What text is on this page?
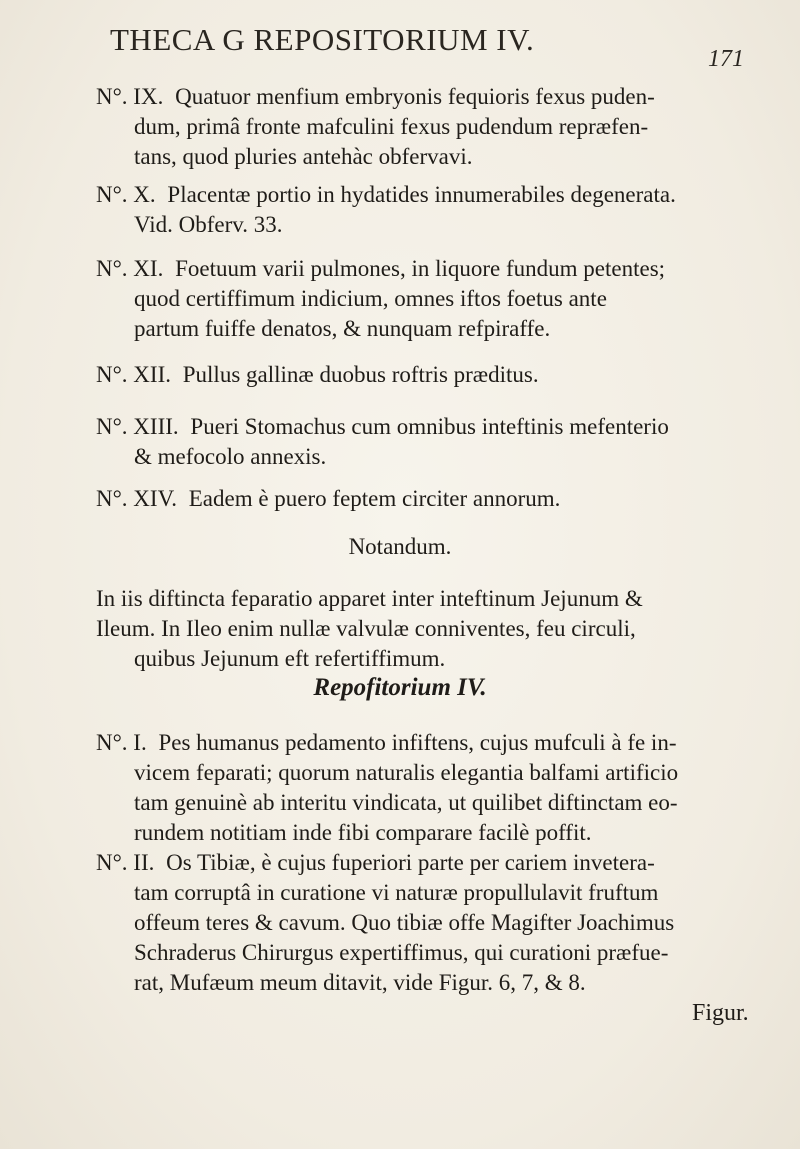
THECA G REPOSITORIUM IV.
171
N°. IX. Quatuor menfium embryonis fequioris fexus puden-
dum, primâ fronte mafculini fexus pudendum repræfen-
tans, quod pluries antehàc obfervavi.
N°. X. Placentæ portio in hydatides innumerabiles degenerata.
Vid. Obferv. 33.
N°. XI. Foetuum varii pulmones, in liquore fundum petentes;
quod certiffimum indicium, omnes iftos foetus ante
partum fuiffe denatos, & nunquam refpiraffe.
N°. XII. Pullus gallinæ duobus roftris præditus.
N°. XIII. Pueri Stomachus cum omnibus inteftinis mefenterio
& mefocolo annexis.
N°. XIV. Eadem è puero feptem circiter annorum.
Notandum.
In iis diftincta feparatio apparet inter inteftinum Jejunum &
Ileum. In Ileo enim nullæ valvulæ conniventes, feu circuli,
quibus Jejunum eft refertiffimum.
Repofitorium IV.
N°. I. Pes humanus pedamento infiftens, cujus mufculi à fe in-
vicem feparati; quorum naturalis elegantia balfami artificio
tam genuinè ab interitu vindicata, ut quilibet diftinctam eo-
rundem notitiam inde fibi comparare facilè poffit.
N°. II. Os Tibiæ, è cujus fuperiori parte per cariem invetera-
tam corruptâ in curatione vi naturæ propullulavit fruftum
offeum teres & cavum. Quo tibiæ offe Magifter Joachimus
Schraderus Chirurgus expertiffimus, qui curationi præfue-
rat, Mufæum meum ditavit, vide Figur. 6, 7, & 8.
Figur.
